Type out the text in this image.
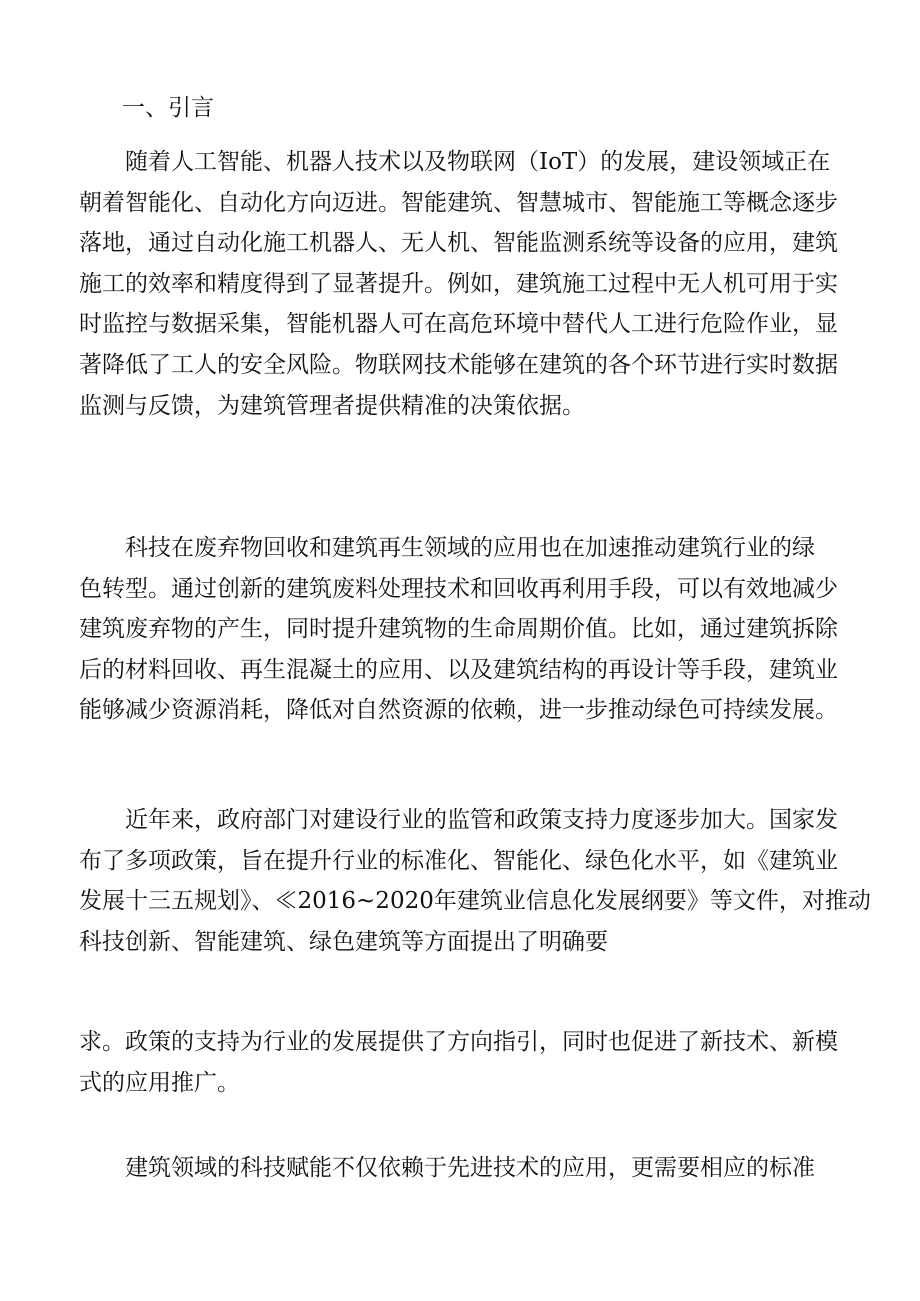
一、引言
随着人工智能、机器人技术以及物联网（IoT）的发展，建设领域正在
朝着智能化、自动化方向迈进。智能建筑、智慧城市、智能施工等概念逐步
落地，通过自动化施工机器人、无人机、智能监测系统等设备的应用，建筑
施工的效率和精度得到了显著提升。例如，建筑施工过程中无人机可用于实
时监控与数据采集，智能机器人可在高危环境中替代人工进行危险作业，显
著降低了工人的安全风险。物联网技术能够在建筑的各个环节进行实时数据
监测与反馈，为建筑管理者提供精准的决策依据。
科技在废弃物回收和建筑再生领域的应用也在加速推动建筑行业的绿
色转型。通过创新的建筑废料处理技术和回收再利用手段，可以有效地减少
建筑废弃物的产生，同时提升建筑物的生命周期价值。比如，通过建筑拆除
后的材料回收、再生混凝土的应用、以及建筑结构的再设计等手段，建筑业
能够减少资源消耗，降低对自然资源的依赖，进一步推动绿色可持续发展。
近年来，政府部门对建设行业的监管和政策支持力度逐步加大。国家发
布了多项政策，旨在提升行业的标准化、智能化、绿色化水平，如《建筑业
发展十三五规划》、≪2016~2020年建筑业信息化发展纲要》等文件，对推动
科技创新、智能建筑、绿色建筑等方面提出了明确要
求。政策的支持为行业的发展提供了方向指引，同时也促进了新技术、新模
式的应用推广。
建筑领域的科技赋能不仅依赖于先进技术的应用，更需要相应的标准
